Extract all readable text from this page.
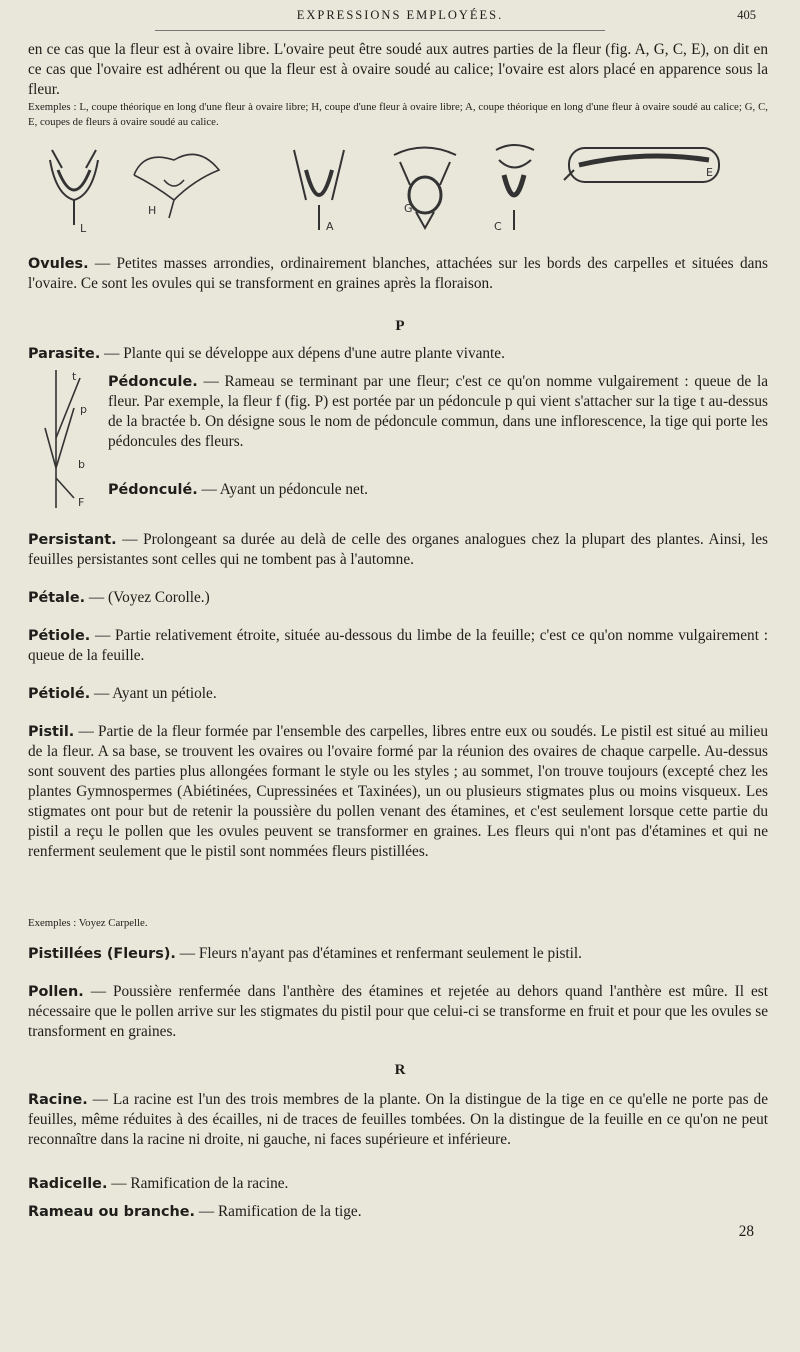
EXPRESSIONS EMPLOYÉES.	405
en ce cas que la fleur est à ovaire libre. L'ovaire peut être soudé aux autres parties de la fleur (fig. A, G, C, E), on dit en ce cas que l'ovaire est adhérent ou que la fleur est à ovaire soudé au calice; l'ovaire est alors placé en apparence sous la fleur.
Exemples : L, coupe théorique en long d'une fleur à ovaire libre; H, coupe d'une fleur à ovaire libre; A, coupe théorique en long d'une fleur à ovaire soudé au calice; G, C, E, coupes de fleurs à ovaire soudé au calice.
L
H
A
G
C
E
Ovules. — Petites masses arrondies, ordinairement blanches, attachées sur les bords des carpelles et situées dans l'ovaire. Ce sont les ovules qui se transforment en graines après la floraison.
P
Parasite. — Plante qui se développe aux dépens d'une autre plante vivante.
p
t
b
F
Pédoncule. — Rameau se terminant par une fleur; c'est ce qu'on nomme vulgairement : queue de la fleur. Par exemple, la fleur f (fig. P) est portée par un pédoncule p qui vient s'attacher sur la tige t au-dessus de la bractée b. On désigne sous le nom de pédoncule commun, dans une inflorescence, la tige qui porte les pédoncules des fleurs.
Pédonculé. — Ayant un pédoncule net.
Persistant. — Prolongeant sa durée au delà de celle des organes analogues chez la plupart des plantes. Ainsi, les feuilles persistantes sont celles qui ne tombent pas à l'automne.
Pétale. — (Voyez Corolle.)
Pétiole. — Partie relativement étroite, située au-dessous du limbe de la feuille; c'est ce qu'on nomme vulgairement : queue de la feuille.
Pétiolé. — Ayant un pétiole.
Pistil. — Partie de la fleur formée par l'ensemble des carpelles, libres entre eux ou soudés. Le pistil est situé au milieu de la fleur. A sa base, se trouvent les ovaires ou l'ovaire formé par la réunion des ovaires de chaque carpelle. Au-dessus sont souvent des parties plus allongées formant le style ou les styles ; au sommet, l'on trouve toujours (excepté chez les plantes Gymnospermes (Abiétinées, Cupressinées et Taxinées), un ou plusieurs stigmates plus ou moins visqueux. Les stigmates ont pour but de retenir la poussière du pollen venant des étamines, et c'est seulement lorsque cette partie du pistil a reçu le pollen que les ovules peuvent se transformer en graines. Les fleurs qui n'ont pas d'étamines et qui ne renferment seulement que le pistil sont nommées fleurs pistillées.
Exemples : Voyez Carpelle.
Pistillées (Fleurs). — Fleurs n'ayant pas d'étamines et renfermant seulement le pistil.
Pollen. — Poussière renfermée dans l'anthère des étamines et rejetée au dehors quand l'anthère est mûre. Il est nécessaire que le pollen arrive sur les stigmates du pistil pour que celui-ci se transforme en fruit et pour que les ovules se transforment en graines.
R
Racine. — La racine est l'un des trois membres de la plante. On la distingue de la tige en ce qu'elle ne porte pas de feuilles, même réduites à des écailles, ni de traces de feuilles tombées. On la distingue de la feuille en ce qu'on ne peut reconnaître dans la racine ni droite, ni gauche, ni faces supérieure et inférieure.
Radicelle. — Ramification de la racine.
Rameau ou branche. — Ramification de la tige.
28
